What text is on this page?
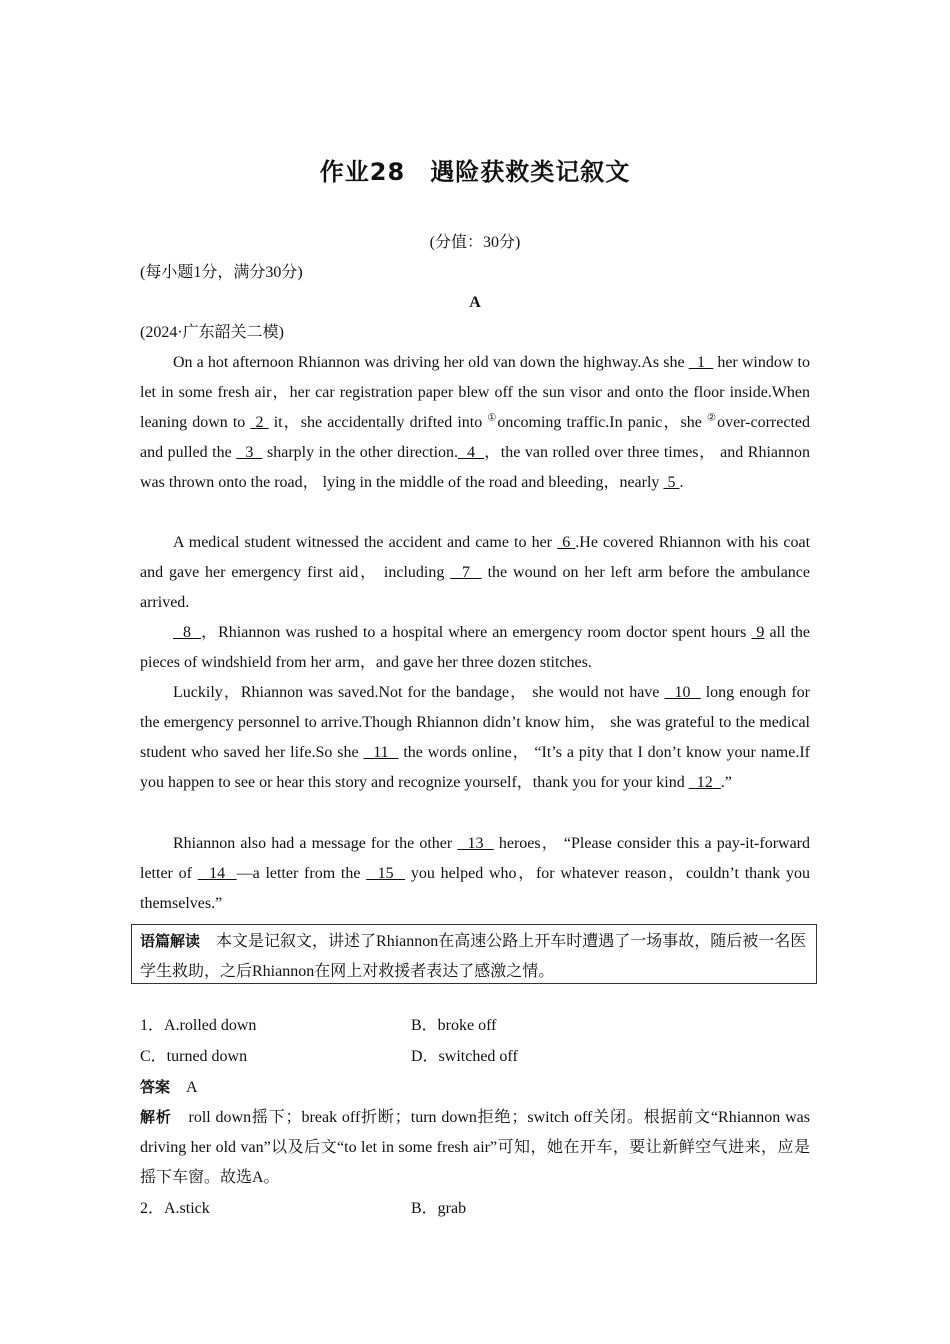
作业28　遇险获救类记叙文
(分值：30分)
(每小题1分，满分30分)
A
(2024·广东韶关二模)
On a hot afternoon Rhiannon was driving her old van down the highway.As she   1   her window to let in some fresh air，her car registration paper blew off the sun visor and onto the floor inside.When leaning down to  2  it，she accidentally drifted into ①oncoming traffic.In panic，she ②over-corrected and pulled the   3   sharply in the other direction.  4  ，the van rolled over three times， and Rhiannon was thrown onto the road， lying in the middle of the road and bleeding，nearly  5 .
A medical student witnessed the accident and came to her  6 .He covered Rhiannon with his coat and gave her emergency first aid， including   7   the wound on her left arm before the ambulance arrived.
8  ，Rhiannon was rushed to a hospital where an emergency room doctor spent hours  9 all the pieces of windshield from her arm，and gave her three dozen stitches.
Luckily，Rhiannon was saved.Not for the bandage， she would not have   10   long enough for the emergency personnel to arrive.Though Rhiannon didn’t know him， she was grateful to the medical student who saved her life.So she   11   the words online， “It’s a pity that I don’t know your name.If you happen to see or hear this story and recognize yourself，thank you for your kind   12  .”
Rhiannon also had a message for the other   13   heroes， “Please consider this a pay-it-forward letter of   14  —a letter from the   15   you helped who，for whatever reason，couldn’t thank you themselves.”
语篇解读　本文是记叙文，讲述了Rhiannon在高速公路上开车时遭遇了一场事故，随后被一名医学生救助，之后Rhiannon在网上对救援者表达了感激之情。
1．A.rolled down	B．broke off
C．turned down	D．switched off
答案　 A
解析　 roll down摇下；break off折断；turn down拒绝；switch off关闭。根据前文“Rhiannon was driving her old van”以及后文“to let in some fresh air”可知，她在开车，要让新鲜空气进来，应是摇下车窗。故选A。
2．A.stick	B．grab
